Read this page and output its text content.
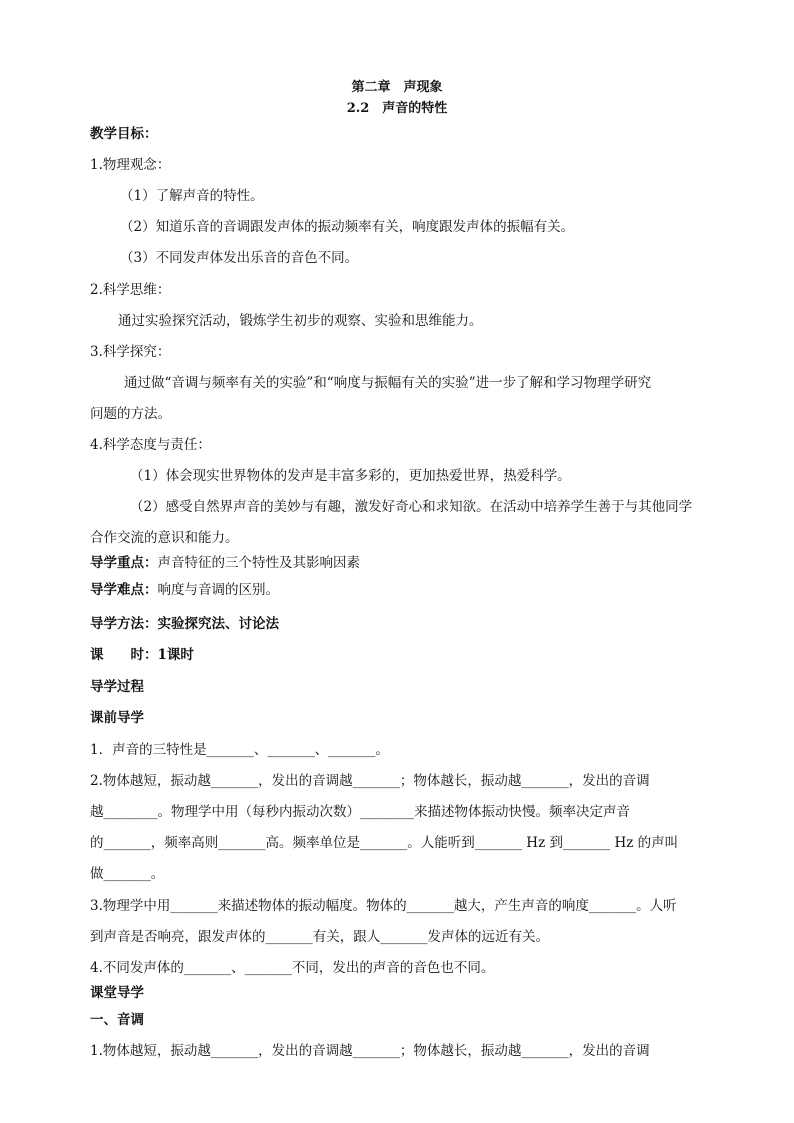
第二章　声现象
2.2　声音的特性
教学目标：
1.物理观念：
（1）了解声音的特性。
（2）知道乐音的音调跟发声体的振动频率有关，响度跟发声体的振幅有关。
（3）不同发声体发出乐音的音色不同。
2.科学思维：
通过实验探究活动，锻炼学生初步的观察、实验和思维能力。
3.科学探究：
通过做“音调与频率有关的实验”和“响度与振幅有关的实验”进一步了解和学习物理学研究
问题的方法。
4.科学态度与责任：
（1）体会现实世界物体的发声是丰富多彩的，更加热爱世界，热爱科学。
（2）感受自然界声音的美妙与有趣，激发好奇心和求知欲。在活动中培养学生善于与其他同学
合作交流的意识和能力。
导学重点：声音特征的三个特性及其影响因素
导学难点：响度与音调的区别。
导学方法：实验探究法、讨论法
课　　时：1课时
导学过程
课前导学
1．声音的三特性是_______、_______、_______。
2.物体越短，振动越_______，发出的音调越_______；物体越长，振动越_______，发出的音调
越________。物理学中用（每秒内振动次数）________来描述物体振动快慢。频率决定声音
的_______，频率高则_______高。频率单位是_______。人能听到_______ Hz 到_______ Hz 的声叫
做_______。
3.物理学中用_______来描述物体的振动幅度。物体的_______越大，产生声音的响度_______。人听
到声音是否响亮，跟发声体的_______有关，跟人_______发声体的远近有关。
4.不同发声体的_______、_______不同，发出的声音的音色也不同。
课堂导学
一、音调
1.物体越短，振动越_______，发出的音调越_______；物体越长，振动越_______，发出的音调
